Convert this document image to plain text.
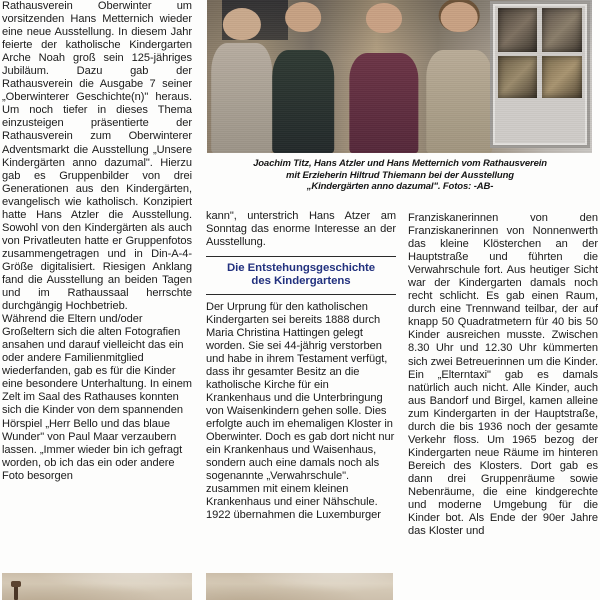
Joachim Titz, Hans Atzler und Hans Metternich vom Rathausverein
mit Erzieherin Hiltrud Thiemann bei der Ausstellung
„Kindergärten anno dazumal". Fotos: -AB-

Rathausverein Oberwinter um vorsitzenden Hans Metternich wieder eine neue Ausstellung. In diesem Jahr feierte der katholische Kindergarten Arche Noah groß sein 125-jähriges Jubiläum. Dazu gab der Rathausverein die Ausgabe 7 seiner „Oberwinterer Geschichte(n)" heraus. Um noch tiefer in dieses Thema einzusteigen präsentierte der Rathausverein zum Oberwinterer Adventsmarkt die Ausstellung „Unsere Kindergärten anno dazumal". Hierzu gab es Gruppenbilder von drei Generationen aus den Kindergärten, evangelisch wie katholisch. Konzipiert hatte Hans Atzler die Ausstellung. Sowohl von den Kindergärten als auch von Privatleuten hatte er Gruppenfotos zusammengetragen und in Din-A-4-Größe digitalisiert. Riesigen Anklang fand die Ausstellung an beiden Tagen und im Rathaussaal herrschte durchgängig Hochbetrieb.

Während die Eltern und/oder Großeltern sich die alten Fotografien ansahen und darauf vielleicht das ein oder andere Familienmitglied wiederfanden, gab es für die Kinder eine besondere Unterhaltung. In einem Zelt im Saal des Rathauses konnten sich die Kinder von dem spannenden Hörspiel „Herr Bello und das blaue Wunder" von Paul Maar verzaubern lassen. „Immer wieder bin ich gefragt worden, ob ich das ein oder andere Foto besorgen

kann", unterstrich Hans Atzer am Sonntag das enorme Interesse an der Ausstellung.

Die Entstehungsgeschichte
des Kindergartens

Der Urprung für den katholischen Kindergarten sei bereits 1888 durch Maria Christina Hattingen gelegt worden. Sie sei 44-jährig verstorben und habe in ihrem Testament verfügt, dass ihr gesamter Besitz an die katholische Kirche für ein Krankenhaus und die Unterbringung von Waisenkindern gehen solle. Dies erfolgte auch im ehemaligen Kloster in Oberwinter. Doch es gab dort nicht nur ein Krankenhaus und Waisenhaus, sondern auch eine damals noch als sogenannte „Verwahrschule". zusammen mit einem kleinen Krankenhaus und einer Nähschule. 1922 übernahmen die Luxemburger

Franziskanerinnen von den Franziskanerinnen von Nonnenwerth das kleine Klösterchen an der Hauptstraße und führten die Verwahrschule fort. Aus heutiger Sicht war der Kindergarten damals noch recht schlicht. Es gab einen Raum, durch eine Trennwand teilbar, der auf knapp 50 Quadratmetern für 40 bis 50 Kinder ausreichen musste. Zwischen 8.30 Uhr und 12.30 Uhr kümmerten sich zwei Betreuerinnen um die Kinder. Ein „Elterntaxi" gab es damals natürlich auch nicht. Alle Kinder, auch aus Bandorf und Birgel, kamen alleine zum Kindergarten in der Hauptstraße, durch die bis 1936 noch der gesamte Verkehr floss. Um 1965 bezog der Kindergarten neue Räume im hinteren Bereich des Klosters. Dort gab es dann drei Gruppenräume sowie Nebenräume, die eine kindgerechte und moderne Umgebung für die Kinder bot. Als Ende der 90er Jahre das Kloster und
